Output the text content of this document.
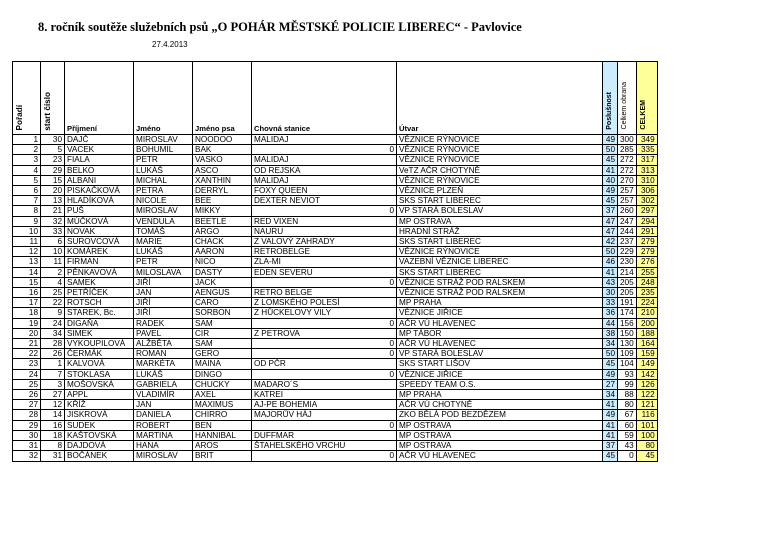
8. ročník soutěže služebních psů „O POHÁR MĚSTSKÉ POLICIE LIBEREC“ - Pavlovice
27.4.2013
Pořadí	start číslo	Příjmení	Jméno	Jméno psa	Chovná stanice	Útvar	Poslušnost	Celkem obrana	CELKEM
1	30	DAJČ	MIROSLAV	NOODOO	MALIDAJ	VĚZNICE RÝNOVICE	49	300	349
2	5	VACEK	BOHUMIL	BAK	0	VĚZNICE RÝNOVICE	50	285	335
3	23	FIALA	PETR	VASKO	MALIDAJ	VĚZNICE RÝNOVICE	45	272	317
4	29	BELKO	LUKÁŠ	ASCO	OD REJSKA	VeTZ AČR CHOTYNĚ	41	272	313
5	15	ALBANI	MICHAL	XANTHIN	MALIDAJ	VĚZNICE RÝNOVICE	40	270	310
6	20	PISKAČKOVÁ	PETRA	DERRYL	FOXY QUEEN	VĚZNICE PLZEŇ	49	257	306
7	13	HLADÍKOVÁ	NICOLE	BEE	DEXTER NEVIOT	SKS START LIBEREC	45	257	302
8	21	PUŠ	MIROSLAV	MIKKY	0	VP STARÁ BOLESLAV	37	260	297
9	32	MÚČKOVÁ	VENDULA	BEETLE	RED VIXEN	MP OSTRAVA	47	247	294
10	33	NOVAK	TOMÁŠ	ARGO	NAURU	HRADNÍ STRÁŽ	47	244	291
11	6	SUROVCOVÁ	MARIE	CHACK	Z VALOVÝ ZAHRADY	SKS START LIBEREC	42	237	279
12	10	KOMÁREK	LUKÁŠ	AARON	RETROBELGE	VĚZNICE RÝNOVICE	50	229	279
13	11	FIRMAN	PETR	NICO	ZLA-MI	VAZEBNÍ VĚZNICE LIBEREC	46	230	276
14	2	PĚNKAVOVÁ	MILOSLAVA	DASTY	EDEN SEVERU	SKS START LIBEREC	41	214	255
15	4	SAMEK	JIŘÍ	JACK	0	VĚZNICE STRÁŽ POD RALSKEM	43	205	248
16	25	PETŘÍČEK	JAN	AENGUS	RETRO BELGE	VĚZNICE STRÁŽ POD RALSKEM	30	205	235
17	22	ROTSCH	JIŘÍ	CARO	Z LOMSKÉHO POLESÍ	MP PRAHA	33	191	224
18	9	STAREK, Bc.	JIŘÍ	SORBON	Z HŮCKELOVY VILY	VĚZNICE JIŘICE	36	174	210
19	24	DIGAŇA	RADEK	SAM	0	AČR VÚ HLAVENEC	44	156	200
20	34	SIMEK	PAVEL	CIR	Z PETROVA	MP TÁBOR	38	150	188
21	28	VYKOUPILOVÁ	ALŽBĚTA	SAM	0	AČR VÚ HLAVENEC	34	130	164
22	26	ČERMÁK	ROMAN	GERO	0	VP STARÁ BOLESLAV	50	109	159
23	1	KALVOVÁ	MARKÉTA	MAINA	OD PČR	SKS START LIŠOV	45	104	149
24	7	STOKLASA	LUKÁŠ	DINGO	0	VĚZNICE JIŘICE	49	93	142
25	3	MOŠOVSKÁ	GABRIELA	CHUCKY	MADARO´S	SPEEDY TEAM O.S.	27	99	126
26	27	APPL	VLADIMÍR	AXEL	KATREI	MP PRAHA	34	88	122
27	12	KŘÍŽ	JAN	MAXIMUS	AJ-PE BOHEMIA	AČR VÚ CHOTYNĚ	41	80	121
28	14	JISKROVÁ	DANIELA	CHIRRO	MAJORŮV HÁJ	ZKO BĚLÁ POD BEZDĚZEM	49	67	116
29	16	SUDEK	ROBERT	BEN	0	MP OSTRAVA	41	60	101
30	18	KAŠTOVSKÁ	MARTINA	HANNIBAL	DUFFMAR	MP OSTRAVA	41	59	100
31	8	DAJDOVÁ	HANA	AROS	ŠTAHELSKÉHO VRCHU	MP OSTRAVA	37	43	80
32	31	BOČÁNEK	MIROSLAV	BRIT	0	AČR VÚ HLAVENEC	45	0	45
